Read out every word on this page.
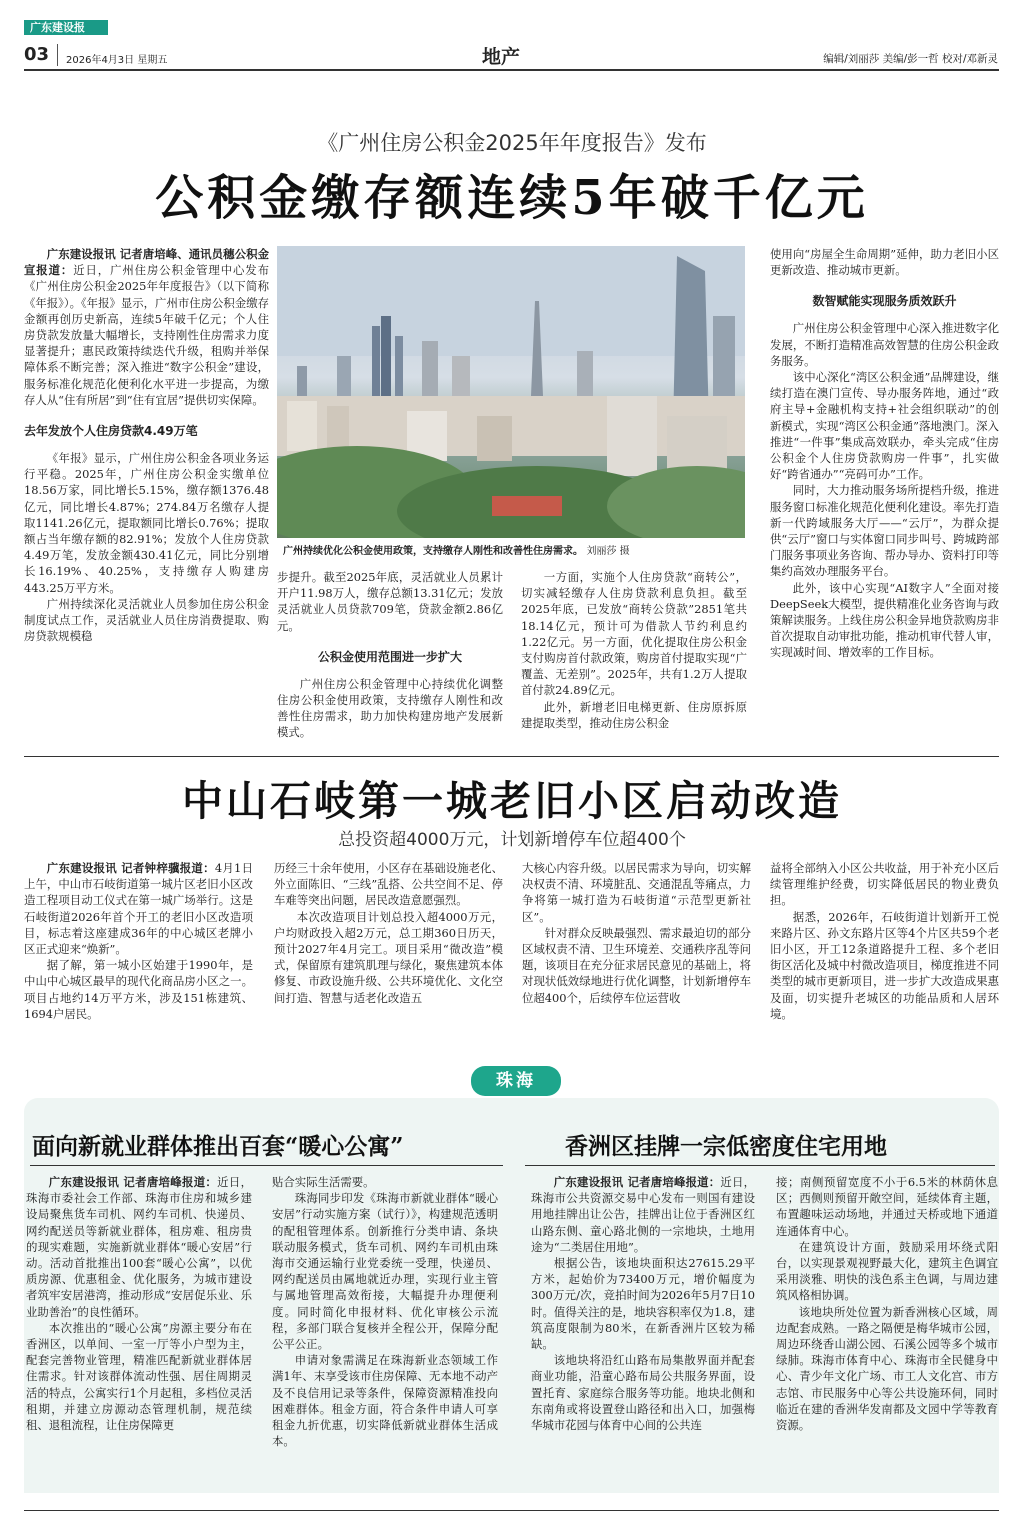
广东建设报
03 2026年4月3日 星期五	地产	编辑/刘丽莎 美编/彭一哲 校对/邓新灵
《广州住房公积金2025年年度报告》发布
公积金缴存额连续5年破千亿元

广东建设报讯 记者唐培峰、通讯员穗公积金宣报道：近日，广州住房公积金管理中心发布《广州住房公积金2025年年度报告》（以下简称《年报》）。《年报》显示，广州市住房公积金缴存金额再创历史新高，连续5年破千亿元；个人住房贷款发放量大幅增长，支持刚性住房需求力度显著提升；惠民政策持续迭代升级，租购并举保障体系不断完善；深入推进“数字公积金”建设，服务标准化规范化便利化水平进一步提高，为缴存人从“住有所居”到“住有宜居”提供切实保障。

去年发放个人住房贷款4.49万笔

《年报》显示，广州住房公积金各项业务运行平稳。2025年，广州住房公积金实缴单位18.56万家，同比增长5.15%，缴存额1376.48亿元，同比增长4.87%；274.84万名缴存人提取1141.26亿元，提取额同比增长0.76%；提取额占当年缴存额的82.91%；发放个人住房贷款4.49万笔，发放金额430.41亿元，同比分别增长16.19%、40.25%，支持缴存人购建房443.25万平方米。

广州持续深化灵活就业人员参加住房公积金制度试点工作，灵活就业人员住房消费提取、购房贷款规模稳

广州持续优化公积金使用政策，支持缴存人刚性和改善性住房需求。 刘丽莎 摄

步提升。截至2025年底，灵活就业人员累计开户11.98万人，缴存总额13.31亿元；发放灵活就业人员贷款709笔，贷款金额2.86亿元。

公积金使用范围进一步扩大

广州住房公积金管理中心持续优化调整住房公积金使用政策，支持缴存人刚性和改善性住房需求，助力加快构建房地产发展新模式。

一方面，实施个人住房贷款“商转公”，切实减轻缴存人住房贷款利息负担。截至2025年底，已发放“商转公贷款”2851笔共18.14亿元，预计可为借款人节约利息约1.22亿元。另一方面，优化提取住房公积金支付购房首付款政策，购房首付提取实现“广覆盖、无差别”。2025年，共有1.2万人提取首付款24.89亿元。

此外，新增老旧电梯更新、住房原拆原建提取类型，推动住房公积金

使用向“房屋全生命周期”延伸，助力老旧小区更新改造、推动城市更新。

数智赋能实现服务质效跃升

广州住房公积金管理中心深入推进数字化发展，不断打造精准高效智慧的住房公积金政务服务。

该中心深化“湾区公积金通”品牌建设，继续打造在澳门宣传、导办服务阵地，通过“政府主导+金融机构支持+社会组织联动”的创新模式，实现“湾区公积金通”落地澳门。深入推进“一件事”集成高效联办，牵头完成“住房公积金个人住房贷款购房一件事”，扎实做好“跨省通办”“亮码可办”工作。

同时，大力推动服务场所提档升级，推进服务窗口标准化规范化便利化建设。率先打造新一代跨域服务大厅——“云厅”，为群众提供“云厅”窗口与实体窗口同步叫号、跨城跨部门服务事项业务咨询、帮办导办、资料打印等集约高效办理服务平台。

此外，该中心实现“AI数字人”全面对接DeepSeek大模型，提供精准化业务咨询与政策解读服务。上线住房公积金异地贷款购房非首次提取自动审批功能，推动机审代替人审，实现减时间、增效率的工作目标。

中山石岐第一城老旧小区启动改造
总投资超4000万元，计划新增停车位超400个

广东建设报讯 记者钟梓骥报道：4月1日上午，中山市石岐街道第一城片区老旧小区改造工程项目动工仪式在第一城广场举行。这是石岐街道2026年首个开工的老旧小区改造项目，标志着这座建成36年的中心城区老牌小区正式迎来“焕新”。

据了解，第一城小区始建于1990年，是中山中心城区最早的现代化商品房小区之一。项目占地约14万平方米，涉及151栋建筑、1694户居民。

历经三十余年使用，小区存在基础设施老化、外立面陈旧、“三线”乱搭、公共空间不足、停车难等突出问题，居民改造意愿强烈。

本次改造项目计划总投入超4000万元，户均财政投入超2万元，总工期360日历天，预计2027年4月完工。项目采用“微改造”模式，保留原有建筑肌理与绿化，聚焦建筑本体修复、市政设施升级、公共环境优化、文化空间打造、智慧与适老化改造五

大核心内容升级。以居民需求为导向，切实解决权责不清、环境脏乱、交通混乱等痛点，力争将第一城打造为石岐街道“示范型更新社区”。

针对群众反映最强烈、需求最迫切的部分区域权责不清、卫生环境差、交通秩序乱等问题，该项目在充分征求居民意见的基础上，将对现状低效绿地进行优化调整，计划新增停车位超400个，后续停车位运营收

益将全部纳入小区公共收益，用于补充小区后续管理维护经费，切实降低居民的物业费负担。

据悉，2026年，石岐街道计划新开工悦来路片区、孙文东路片区等4个片区共59个老旧小区，开工12条道路提升工程、多个老旧街区活化及城中村微改造项目，梯度推进不同类型的城市更新项目，进一步扩大改造成果惠及面，切实提升老城区的功能品质和人居环境。

珠海
面向新就业群体推出百套“暖心公寓”	香洲区挂牌一宗低密度住宅用地

广东建设报讯 记者唐培峰报道：近日，珠海市委社会工作部、珠海市住房和城乡建设局聚焦货车司机、网约车司机、快递员、网约配送员等新就业群体，租房难、租房贵的现实难题，实施新就业群体“暖心安居”行动。活动首批推出100套“暖心公寓”，以优质房源、优惠租金、优化服务，为城市建设者筑牢安居港湾，推动形成“安居促乐业、乐业助善治”的良性循环。

本次推出的“暖心公寓”房源主要分布在香洲区，以单间、一室一厅等小户型为主，配套完善物业管理，精准匹配新就业群体居住需求。针对该群体流动性强、居住周期灵活的特点，公寓实行1个月起租，多档位灵活租期，并建立房源动态管理机制，规范续租、退租流程，让住房保障更

贴合实际生活需要。

珠海同步印发《珠海市新就业群体“暖心安居”行动实施方案（试行）》，构建规范透明的配租管理体系。创新推行分类申请、条块联动服务模式，货车司机、网约车司机由珠海市交通运输行业党委统一受理，快递员、网约配送员由属地就近办理，实现行业主管与属地管理高效衔接，大幅提升办理便利度。同时简化申报材料、优化审核公示流程，多部门联合复核并全程公开，保障分配公平公正。

申请对象需满足在珠海新业态领域工作满1年、末享受该市住房保障、无本地不动产及不良信用记录等条件，保障资源精准投向困难群体。租金方面，符合条件申请人可享租金九折优惠，切实降低新就业群体生活成本。

广东建设报讯 记者唐培峰报道：近日，珠海市公共资源交易中心发布一则国有建设用地挂牌出让公告，挂牌出让位于香洲区红山路东侧、童心路北侧的一宗地块，土地用途为“二类居住用地”。

根据公告，该地块面积达27615.29平方米，起始价为73400万元，增价幅度为300万元/次，竞拍时间为2026年5月7日10时。值得关注的是，地块容积率仅为1.8，建筑高度限制为80米，在新香洲片区较为稀缺。

该地块将沿红山路布局集散界面并配套商业功能，沿童心路布局公共服务界面，设置托育、家庭综合服务等功能。地块北侧和东南角或将设置登山路径和出入口，加强梅华城市花园与体育中心间的公共连

接；南侧预留宽度不小于6.5米的林荫休息区；西侧则预留开敞空间，延续体育主题，布置趣味运动场地，并通过天桥或地下通道连通体育中心。

在建筑设计方面，鼓励采用坏绕式阳台，以实现景观视野最大化，建筑主色调宜采用淡雅、明快的浅色系主色调，与周边建筑风格相协调。

该地块所处位置为新香洲核心区域，周边配套成熟。一路之隔便是梅华城市公园，周边环绕香山湖公园、石溪公园等多个城市绿肺。珠海市体育中心、珠海市全民健身中心、青少年文化广场、市工人文化宫、市方志馆、市民服务中心等公共设施环伺，同时临近在建的香洲华发南都及文园中学等教育资源。
